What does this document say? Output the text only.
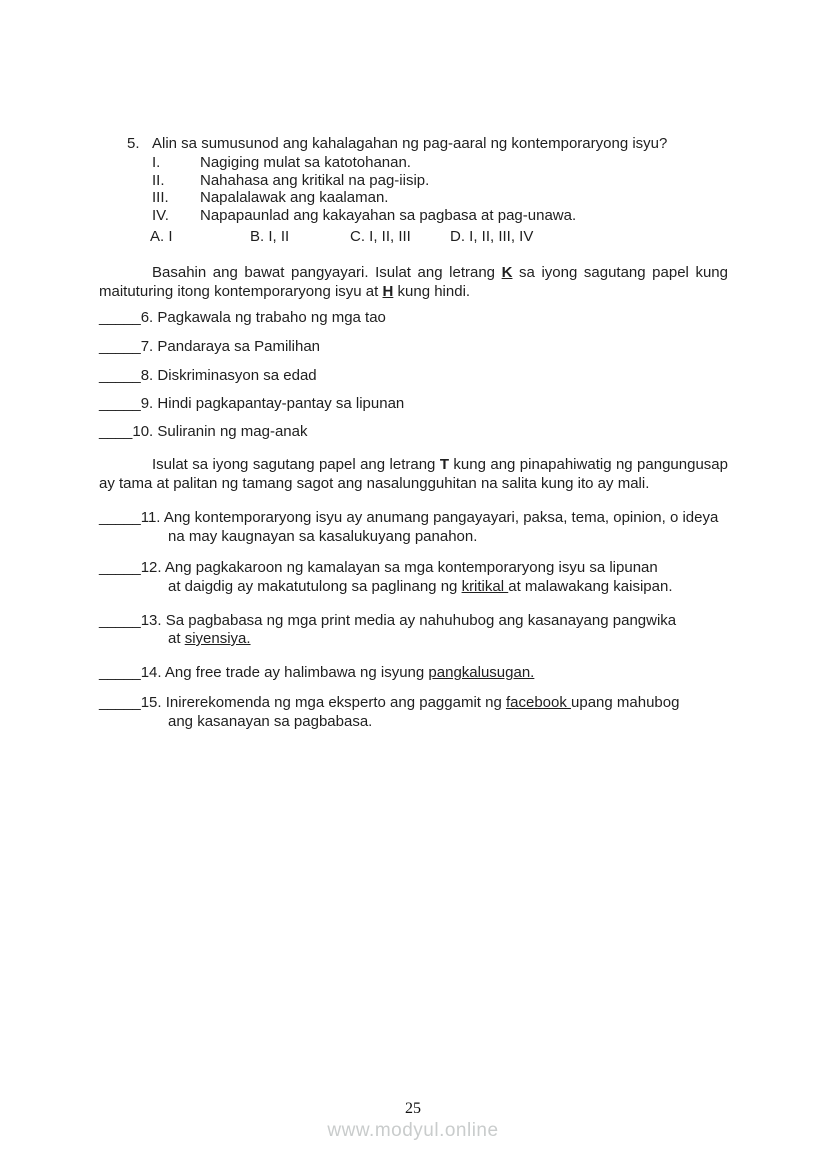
5. Alin sa sumusunod ang kahalagahan ng pag-aaral ng kontemporaryong isyu?
I.	Nagiging mulat sa katotohanan.
II. Nahahasa ang kritikal na pag-iisip.
III. Napalalawak ang kaalaman.
IV. Napapaunlad ang kakayahan sa pagbasa at pag-unawa.
A. I	B. I, II	C. I, II, III	D. I, II, III, IV
Basahin ang bawat pangyayari. Isulat ang letrang K sa iyong sagutang papel kung
maituturing itong kontemporaryong isyu at H kung hindi.
_____6. Pagkawala ng trabaho ng mga tao
_____7. Pandaraya sa Pamilihan
_____8. Diskriminasyon sa edad
_____9. Hindi pagkapantay-pantay sa lipunan
____10. Suliranin ng mag-anak
Isulat sa iyong sagutang papel ang letrang T kung ang pinapahiwatig ng pangungusap
ay tama at palitan ng tamang sagot ang nasalungguhitan na salita kung ito ay mali.
_____11. Ang kontemporaryong isyu ay anumang pangayayari, paksa, tema, opinion, o ideya
na may kaugnayan sa kasalukuyang panahon.
_____12. Ang pagkakaroon ng kamalayan sa mga kontemporaryong isyu sa lipunan
at daigdig ay makatutulong sa paglinang ng kritikal at malawakang kaisipan.
_____13. Sa pagbabasa ng mga print media ay nahuhubog ang kasanayang pangwika
at siyensiya.
_____14. Ang free trade ay halimbawa ng isyung pangkalusugan.
_____15. Inirerekomenda ng mga eksperto ang paggamit ng facebook upang mahubog
ang kasanayan sa pagbabasa.
25
www.modyul.online
